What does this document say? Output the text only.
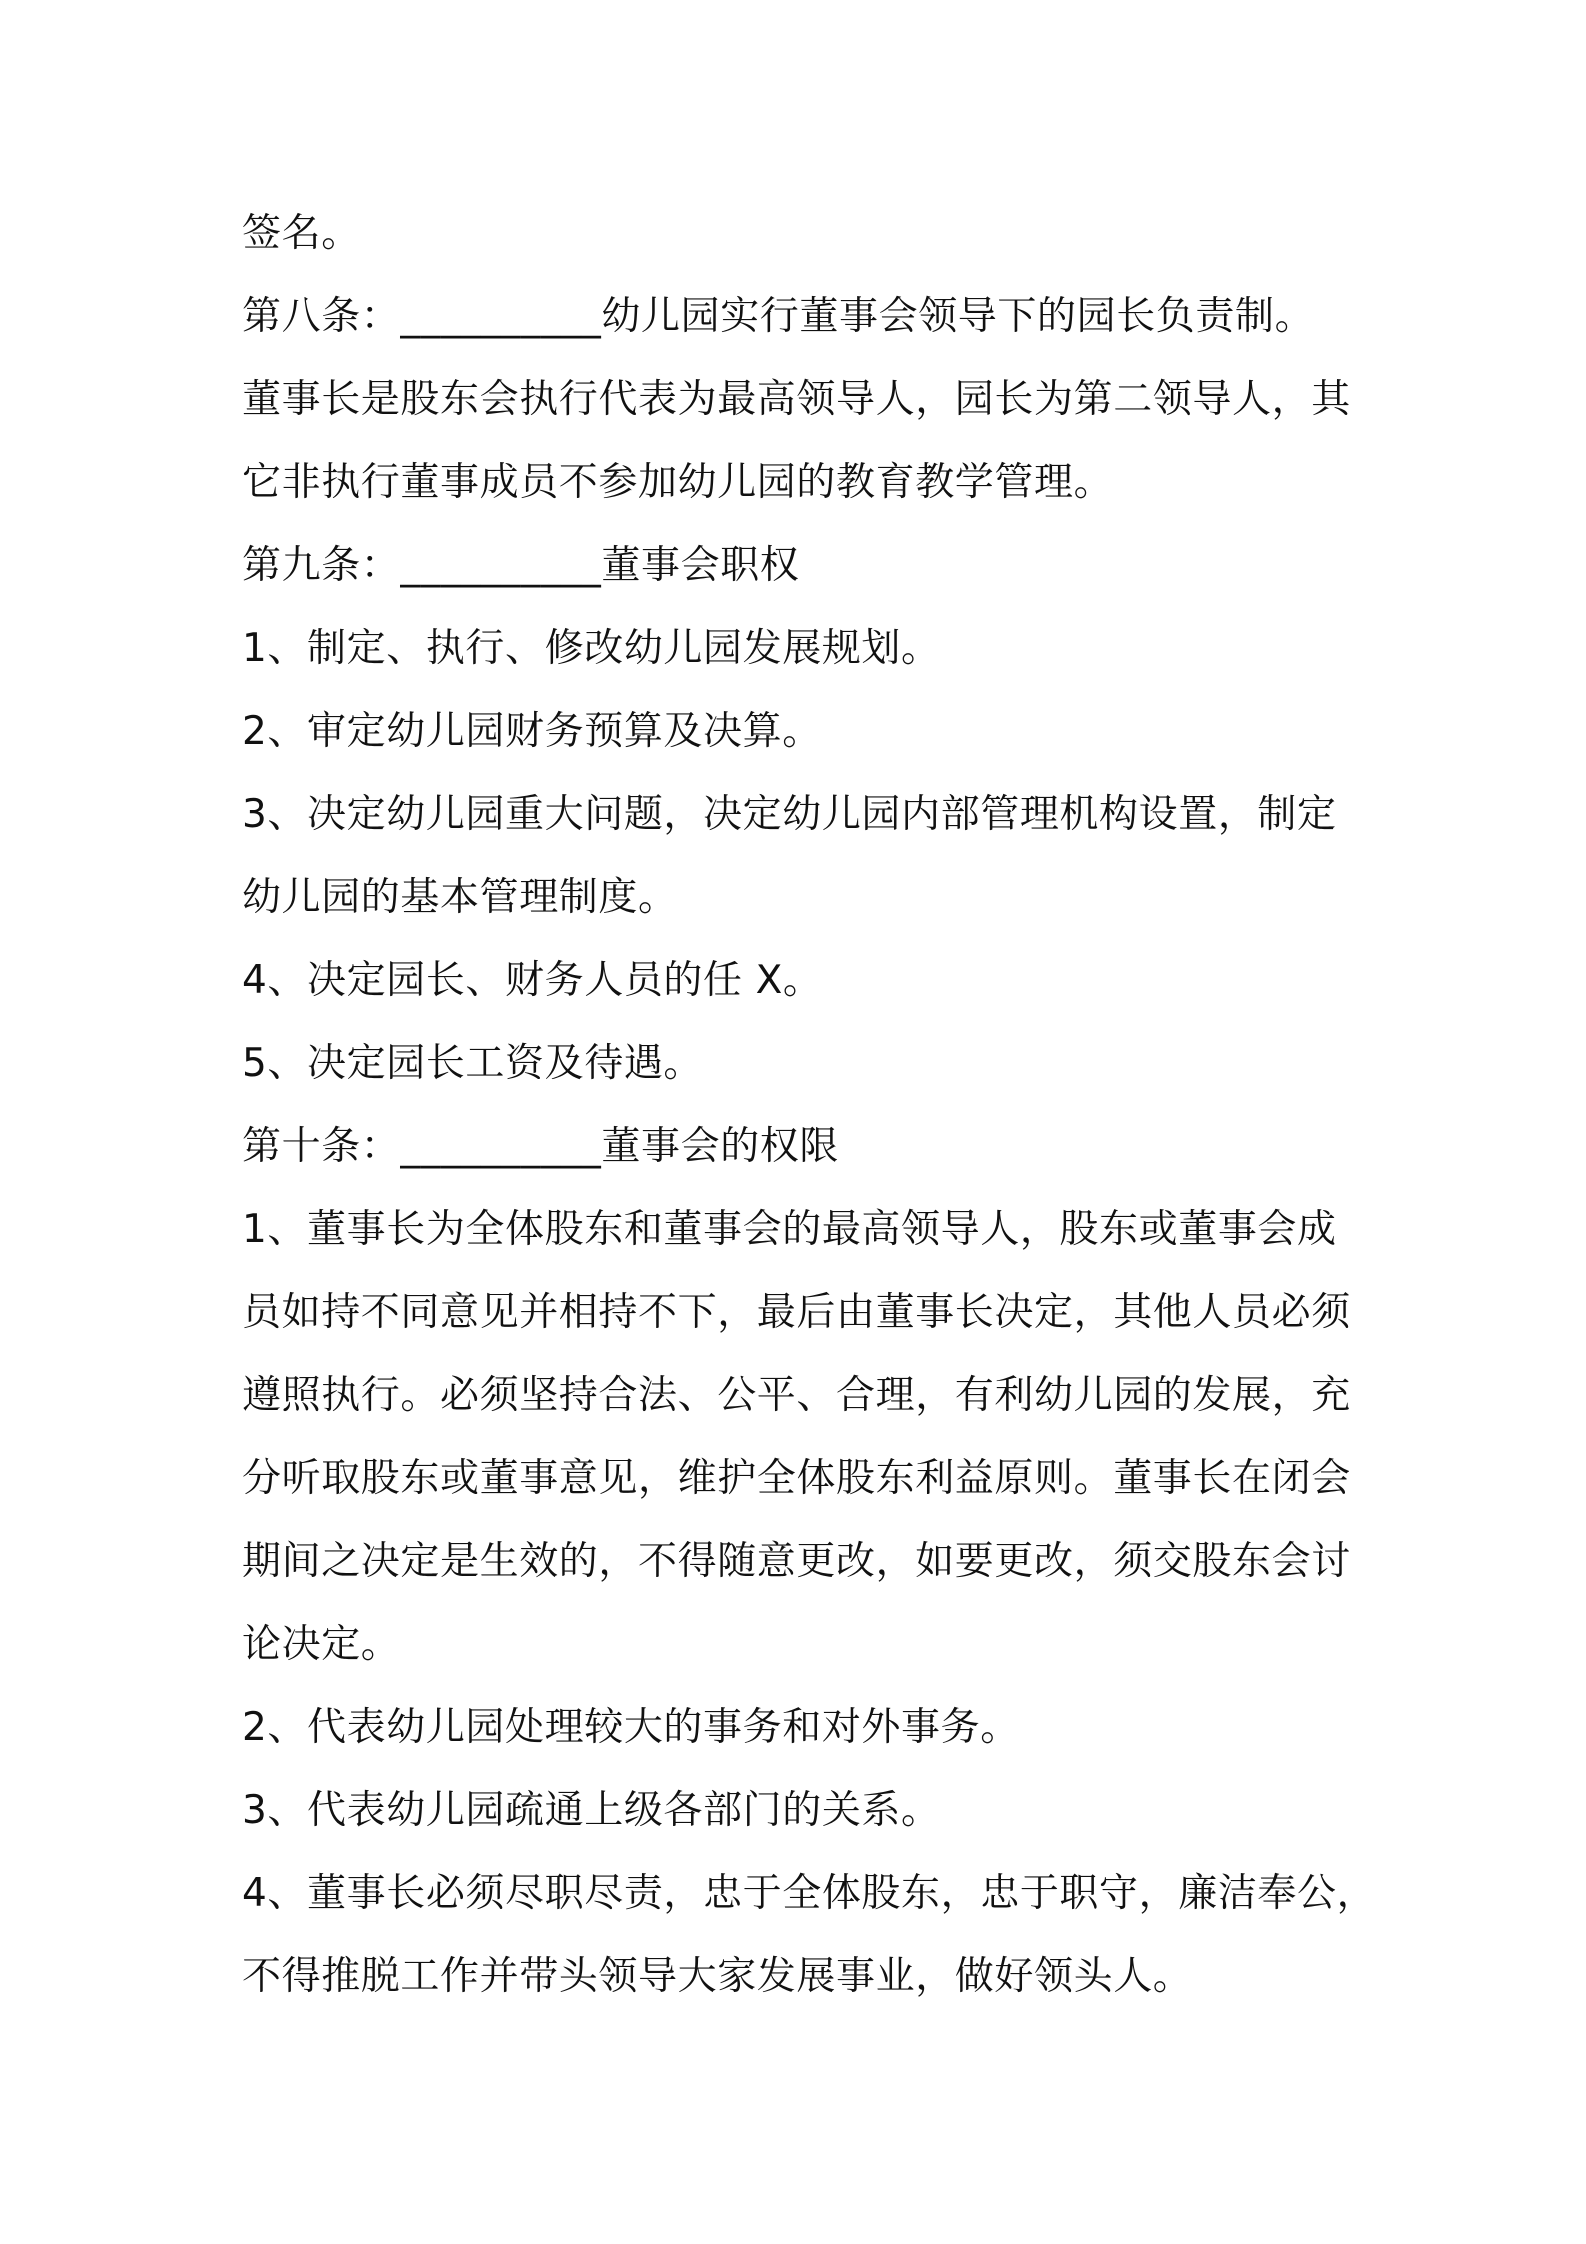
签名。
第八条：__________幼儿园实行董事会领导下的园长负责制。
董事长是股东会执行代表为最高领导人，园长为第二领导人，其
它非执行董事成员不参加幼儿园的教育教学管理。
第九条：__________董事会职权
1、制定、执行、修改幼儿园发展规划。
2、审定幼儿园财务预算及决算。
3、决定幼儿园重大问题，决定幼儿园内部管理机构设置，制定
幼儿园的基本管理制度。
4、决定园长、财务人员的任 X。
5、决定园长工资及待遇。
第十条：__________董事会的权限
1、董事长为全体股东和董事会的最高领导人，股东或董事会成
员如持不同意见并相持不下，最后由董事长决定，其他人员必须
遵照执行。必须坚持合法、公平、合理，有利幼儿园的发展，充
分听取股东或董事意见，维护全体股东利益原则。董事长在闭会
期间之决定是生效的，不得随意更改，如要更改，须交股东会讨
论决定。
2、代表幼儿园处理较大的事务和对外事务。
3、代表幼儿园疏通上级各部门的关系。
4、董事长必须尽职尽责，忠于全体股东，忠于职守，廉洁奉公，
不得推脱工作并带头领导大家发展事业，做好领头人。
